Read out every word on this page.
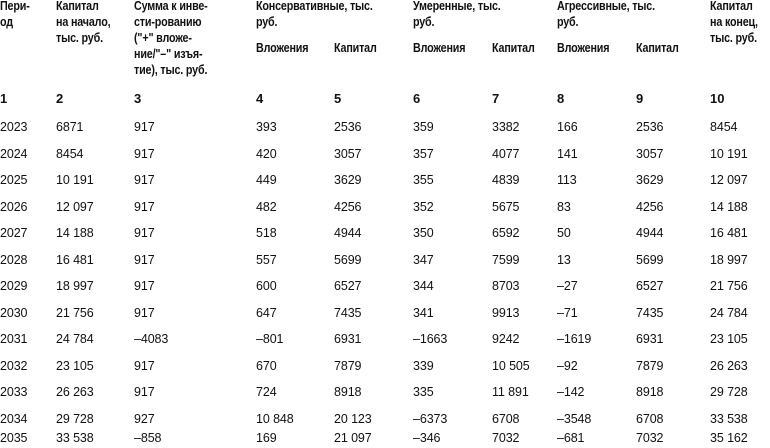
Пери-
од
Капитал
на начало,
тыс. руб.
Сумма к инве-
сти-рованию
("+" вложе-
ние/"–" изъя-
тие), тыс. руб.
Консервативные, тыс.
руб.
Умеренные, тыс.
руб.
Агрессивные, тыс.
руб.
Капитал
на конец,
тыс. руб.
Вложения Капитал	Вложения Капитал Вложения Капитал
1	2	3	4	5	6	7	8	9	10
2023 6871	917	393	2536	359	3382	166	2536	8454
2024 8454	917	420	3057	357	4077	141	3057	10 191
2025 10 191	917	449	3629	355	4839	113	3629	12 097
2026 12 097	917	482	4256	352	5675	83	4256	14 188
2027 14 188	917	518	4944	350	6592	50	4944	16 481
2028 16 481	917	557	5699	347	7599	13	5699	18 997
2029 18 997	917	600	6527	344	8703	–27	6527	21 756
2030 21 756	917	647	7435	341	9913	–71	7435	24 784
2031 24 784	–4083	–801	6931	–1663	9242	–1619	6931	23 105
2032 23 105	917	670	7879	339	10 505 –92	7879	26 263
2033 26 263	917	724	8918	335	11 891 –142	8918	29 728
2034 29 728	927	10 848	20 123	–6373	6708	–3548	6708	33 538
2035 33 538	–858	169	21 097	–346	7032	–681	7032	35 162
